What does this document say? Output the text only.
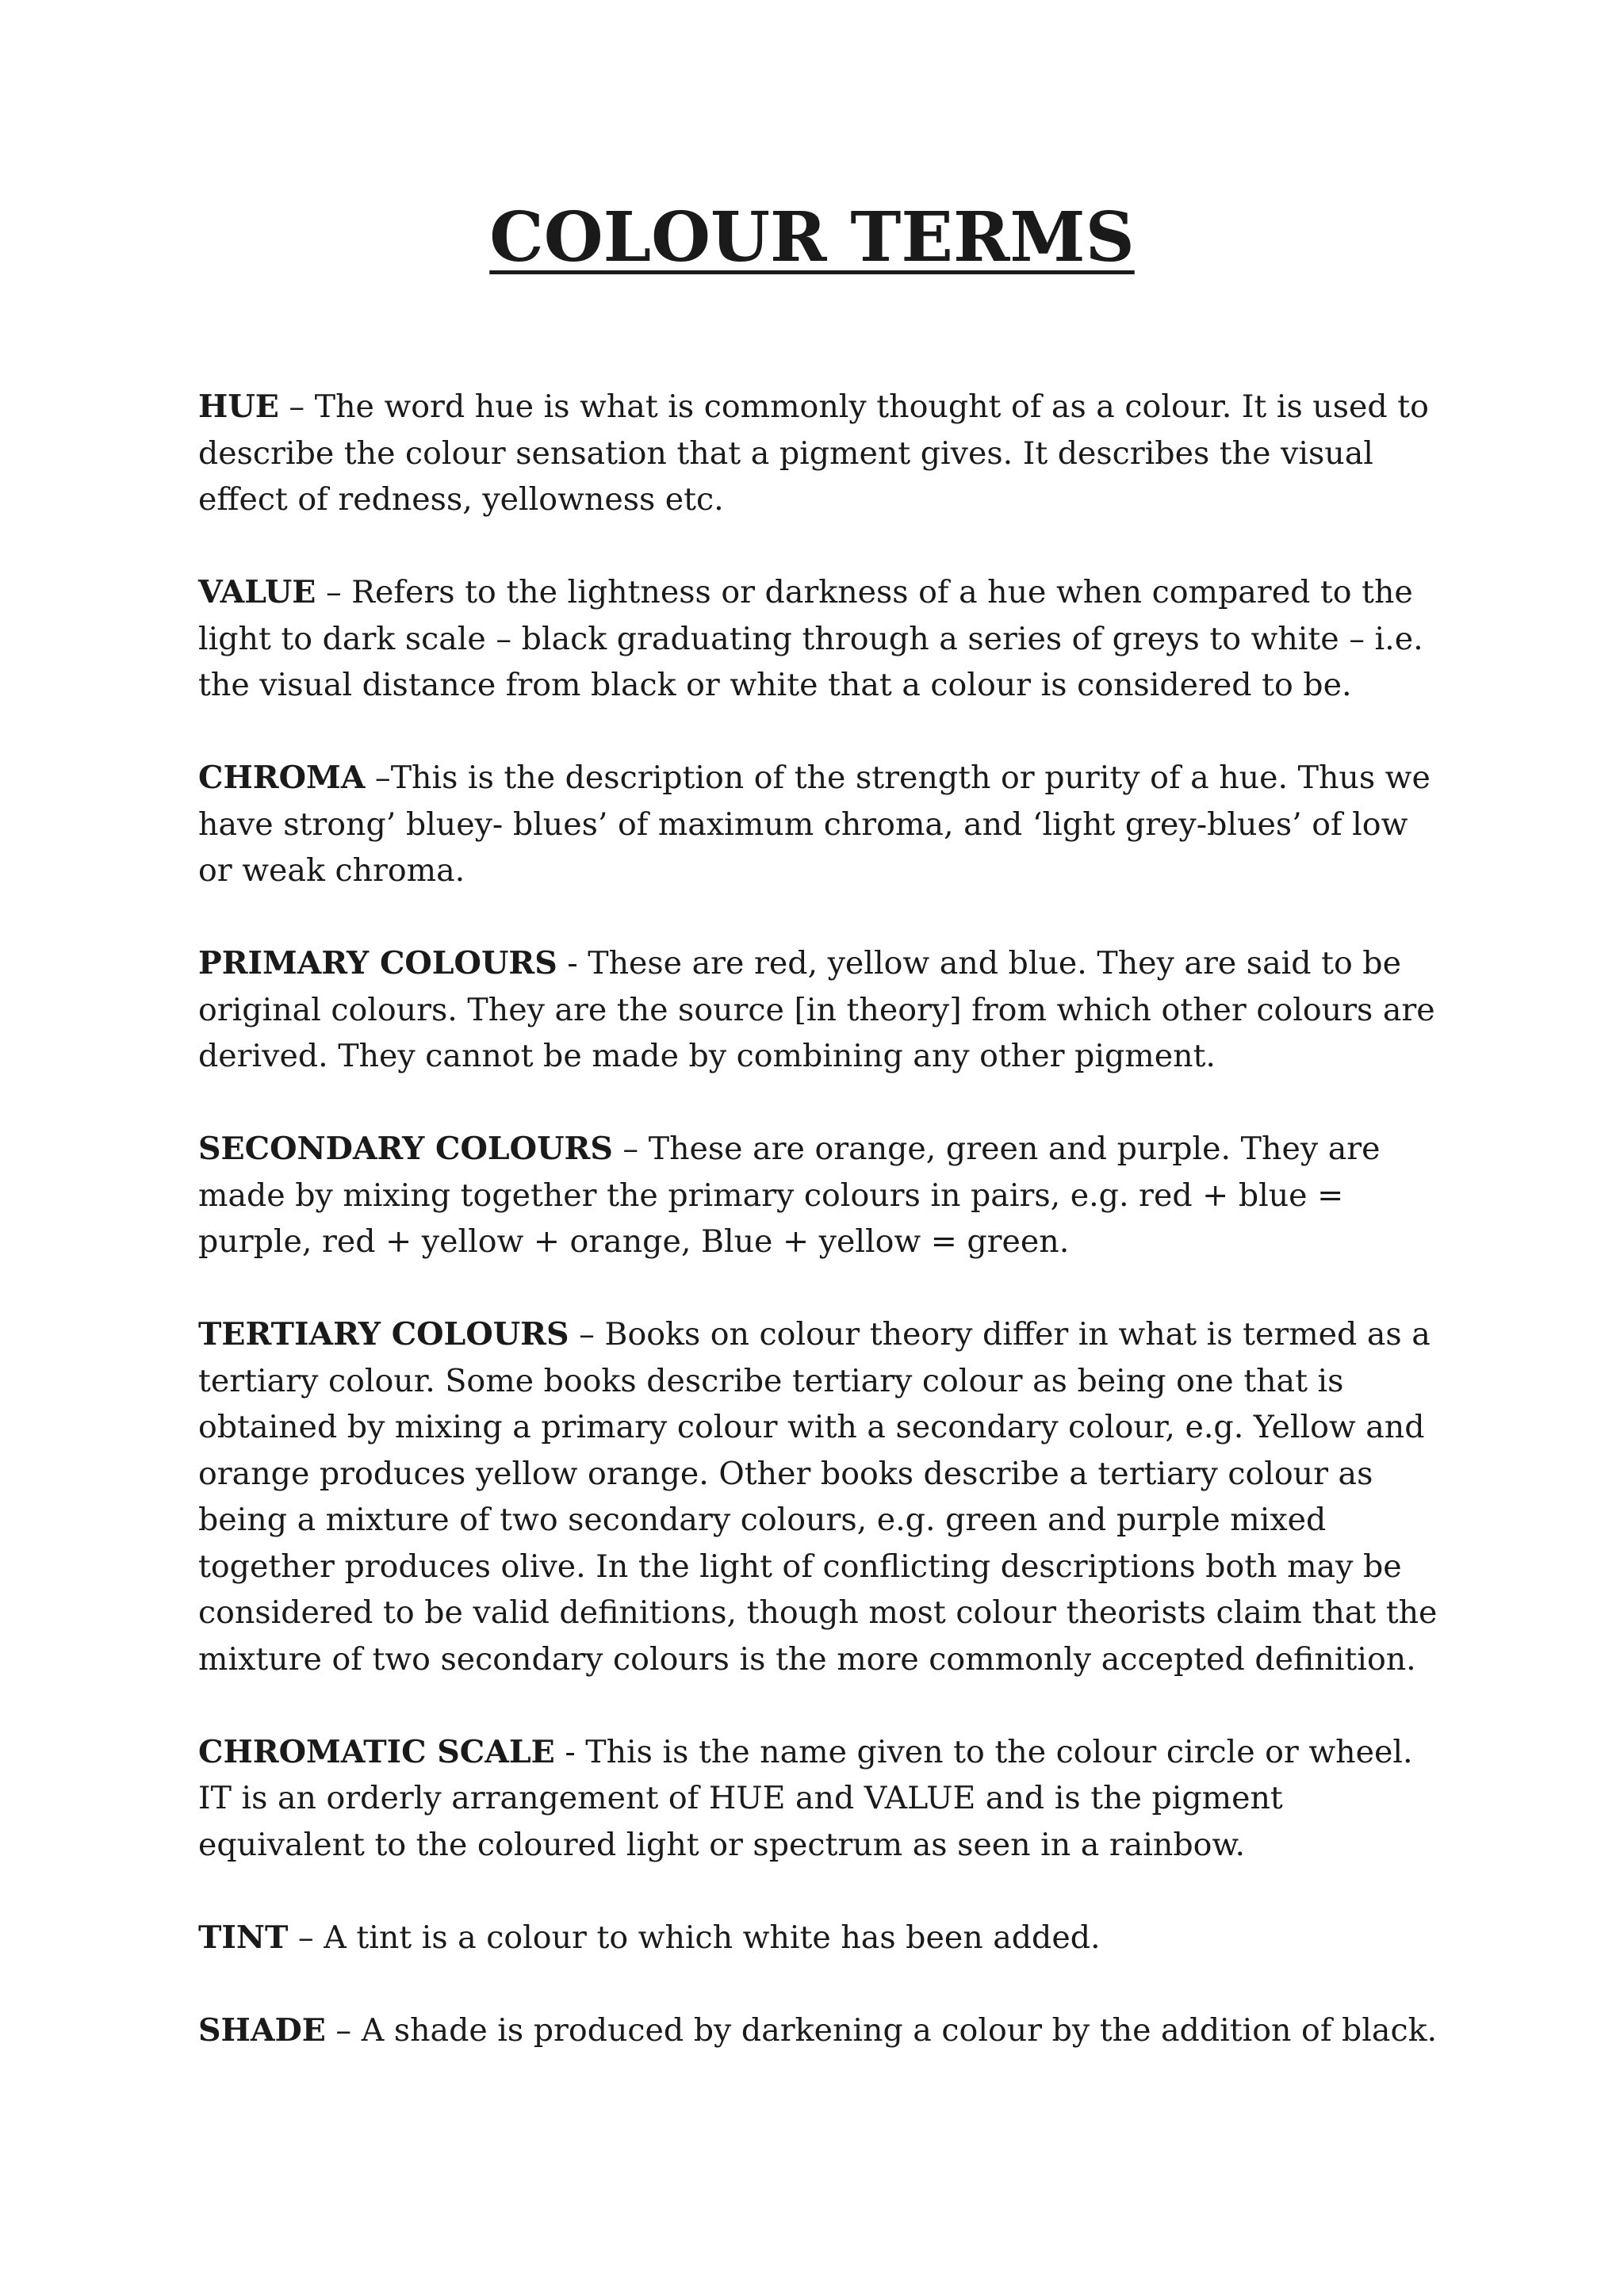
COLOUR TERMS

HUE – The word hue is what is commonly thought of as a colour. It is used to describe the colour sensation that a pigment gives. It describes the visual effect of redness, yellowness etc.

VALUE – Refers to the lightness or darkness of a hue when compared to the light to dark scale – black graduating through a series of greys to white – i.e. the visual distance from black or white that a colour is considered to be.

CHROMA –This is the description of the strength or purity of a hue. Thus we have strong’ bluey- blues’ of maximum chroma, and ‘light grey-blues’ of low or weak chroma.

PRIMARY COLOURS - These are red, yellow and blue. They are said to be original colours. They are the source [in theory] from which other colours are derived. They cannot be made by combining any other pigment.

SECONDARY COLOURS – These are orange, green and purple. They are made by mixing together the primary colours in pairs, e.g. red + blue = purple, red + yellow + orange, Blue + yellow = green.

TERTIARY COLOURS – Books on colour theory differ in what is termed as a tertiary colour. Some books describe tertiary colour as being one that is obtained by mixing a primary colour with a secondary colour, e.g. Yellow and orange produces yellow orange. Other books describe a tertiary colour as being a mixture of two secondary colours, e.g. green and purple mixed together produces olive. In the light of conflicting descriptions both may be considered to be valid definitions, though most colour theorists claim that the mixture of two secondary colours is the more commonly accepted definition.

CHROMATIC SCALE - This is the name given to the colour circle or wheel. IT is an orderly arrangement of HUE and VALUE and is the pigment equivalent to the coloured light or spectrum as seen in a rainbow.

TINT – A tint is a colour to which white has been added.

SHADE – A shade is produced by darkening a colour by the addition of black.
